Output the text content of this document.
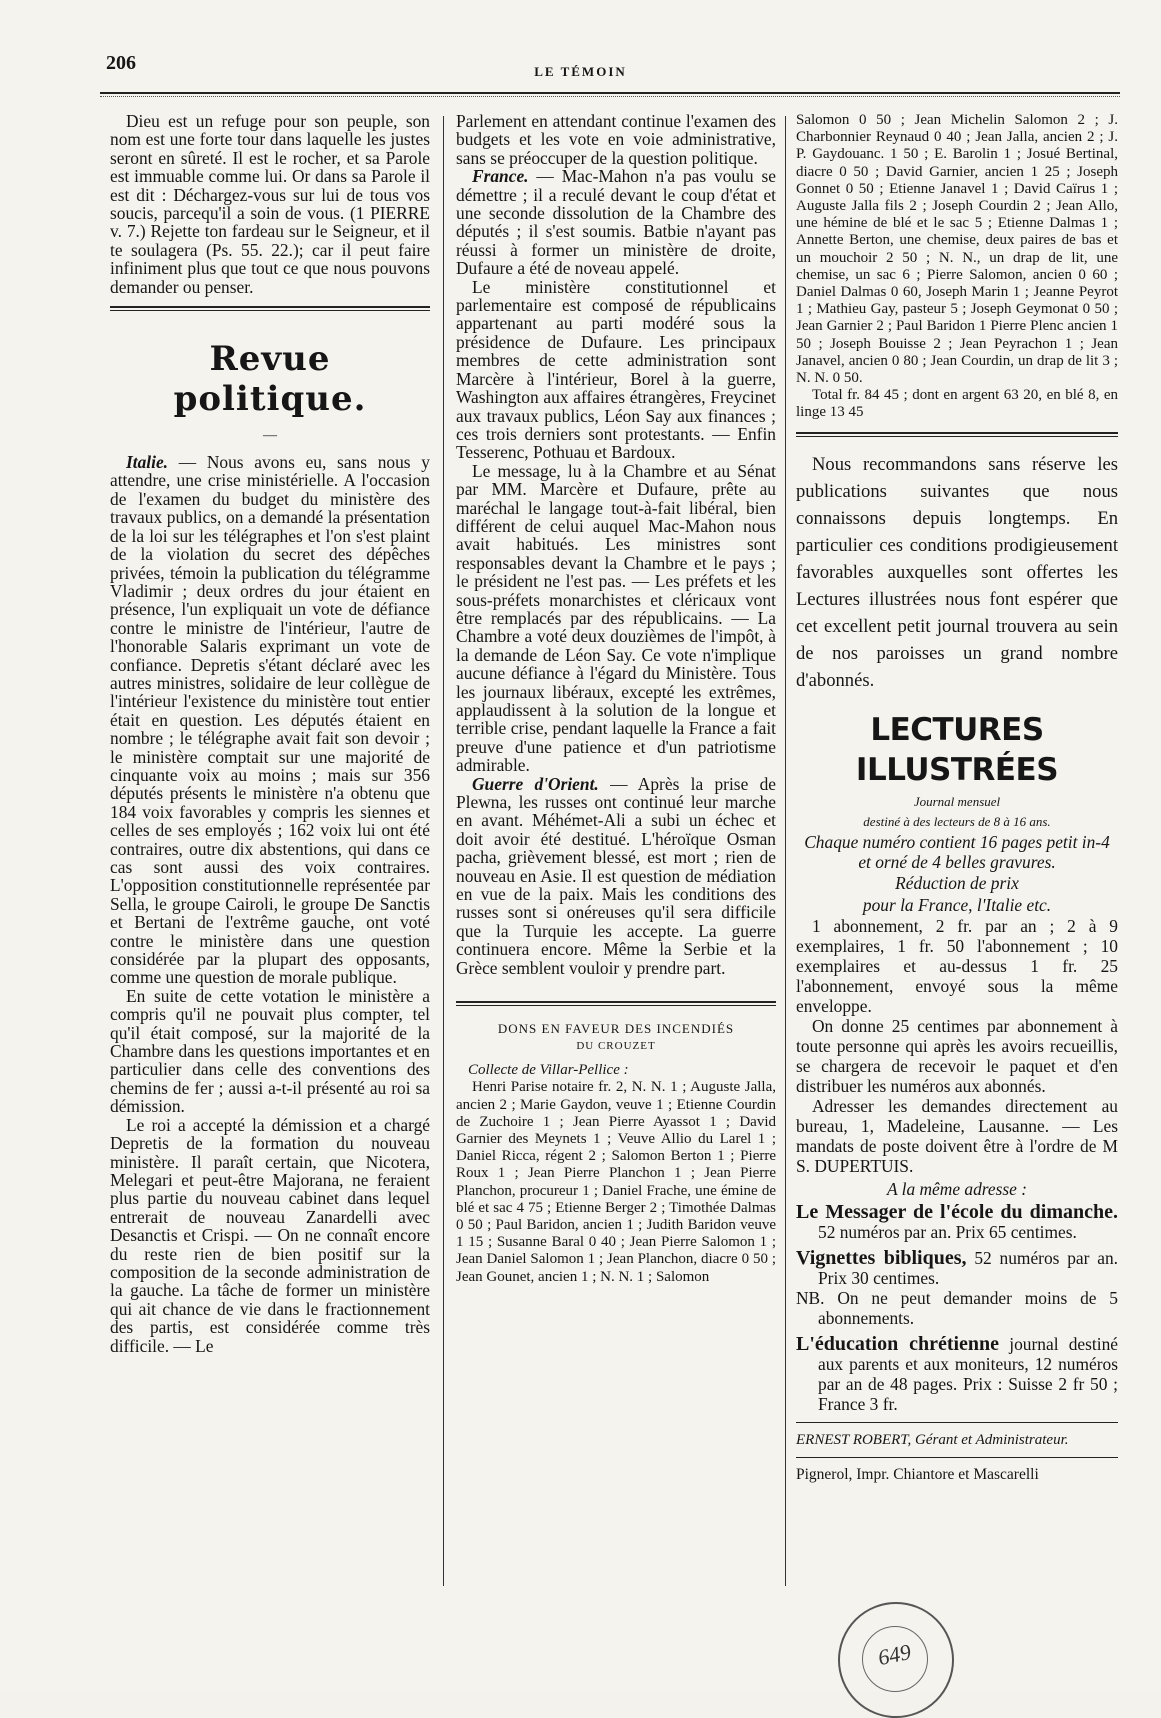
206	LE TÉMOIN

Dieu est un refuge pour son peuple, son nom est une forte tour dans laquelle les justes seront en sûreté. Il est le rocher, et sa Parole est immuable comme lui. Or dans sa Parole il est dit : Déchargez-vous sur lui de tous vos soucis, parcequ'il a soin de vous. (1 PIERRE v. 7.) Rejette ton fardeau sur le Seigneur, et il te soulagera (Ps. 55. 22.); car il peut faire infiniment plus que tout ce que nous pouvons demander ou penser.

Revue politique.
—

Italie. — Nous avons eu, sans nous y attendre, une crise ministérielle. A l'occasion de l'examen du budget du ministère des travaux publics, on a demandé la présentation de la loi sur les télégraphes et l'on s'est plaint de la violation du secret des dépêches privées, témoin la publication du télégramme Vladimir ; deux ordres du jour étaient en présence, l'un expliquait un vote de défiance contre le ministre de l'intérieur, l'autre de l'honorable Salaris exprimant un vote de confiance. Depretis s'étant déclaré avec les autres ministres, solidaire de leur collègue de l'intérieur l'existence du ministère tout entier était en question. Les députés étaient en nombre ; le télégraphe avait fait son devoir ; le ministère comptait sur une majorité de cinquante voix au moins ; mais sur 356 députés présents le ministère n'a obtenu que 184 voix favorables y compris les siennes et celles de ses employés ; 162 voix lui ont été contraires, outre dix abstentions, qui dans ce cas sont aussi des voix contraires. L'opposition constitutionnelle représentée par Sella, le groupe Cairoli, le groupe De Sanctis et Bertani de l'extrême gauche, ont voté contre le ministère dans une question considérée par la plupart des opposants, comme une question de morale publique.

En suite de cette votation le ministère a compris qu'il ne pouvait plus compter, tel qu'il était composé, sur la majorité de la Chambre dans les questions importantes et en particulier dans celle des conventions des chemins de fer ; aussi a-t-il présenté au roi sa démission.

Le roi a accepté la démission et a chargé Depretis de la formation du nouveau ministère. Il paraît certain, que Nicotera, Melegari et peut-être Majorana, ne feraient plus partie du nouveau cabinet dans lequel entrerait de nouveau Zanardelli avec Desanctis et Crispi. — On ne connaît encore du reste rien de bien positif sur la composition de la seconde administration de la gauche. La tâche de former un ministère qui ait chance de vie dans le fractionnement des partis, est considérée comme très difficile. — Le

Parlement en attendant continue l'examen des budgets et les vote en voie administrative, sans se préoccuper de la question politique.

France. — Mac-Mahon n'a pas voulu se démettre ; il a reculé devant le coup d'état et une seconde dissolution de la Chambre des députés ; il s'est soumis. Batbie n'ayant pas réussi à former un ministère de droite, Dufaure a été de noveau appelé.

Le ministère constitutionnel et parlementaire est composé de républicains appartenant au parti modéré sous la présidence de Dufaure. Les principaux membres de cette administration sont Marcère à l'intérieur, Borel à la guerre, Washington aux affaires étrangères, Freycinet aux travaux publics, Léon Say aux finances ; ces trois derniers sont protestants. — Enfin Tesserenc, Pothuau et Bardoux.

Le message, lu à la Chambre et au Sénat par MM. Marcère et Dufaure, prête au maréchal le langage tout-à-fait libéral, bien différent de celui auquel Mac-Mahon nous avait habitués. Les ministres sont responsables devant la Chambre et le pays ; le président ne l'est pas. — Les préfets et les sous-préfets monarchistes et cléricaux vont être remplacés par des républicains. — La Chambre a voté deux douzièmes de l'impôt, à la demande de Léon Say. Ce vote n'implique aucune défiance à l'égard du Ministère. Tous les journaux libéraux, excepté les extrêmes, applaudissent à la solution de la longue et terrible crise, pendant laquelle la France a fait preuve d'une patience et d'un patriotisme admirable.

Guerre d'Orient. — Après la prise de Plewna, les russes ont continué leur marche en avant. Méhémet-Ali a subi un échec et doit avoir été destitué. L'héroïque Osman pacha, grièvement blessé, est mort ; rien de nouveau en Asie. Il est question de médiation en vue de la paix. Mais les conditions des russes sont si onéreuses qu'il sera difficile que la Turquie les accepte. La guerre continuera encore. Même la Serbie et la Grèce semblent vouloir y prendre part.

DONS EN FAVEUR DES INCENDIÉS
DU CROUZET

Collecte de Villar-Pellice :

Henri Parise notaire fr. 2, N. N. 1 ; Auguste Jalla, ancien 2 ; Marie Gaydon, veuve 1 ; Etienne Courdin de Zuchoire 1 ; Jean Pierre Ayassot 1 ; David Garnier des Meynets 1 ; Veuve Allio du Larel 1 ; Daniel Ricca, régent 2 ; Salomon Berton 1 ; Pierre Roux 1 ; Jean Pierre Planchon 1 ; Jean Pierre Planchon, procureur 1 ; Daniel Frache, une émine de blé et sac 4 75 ; Etienne Berger 2 ; Timothée Dalmas 0 50 ; Paul Baridon, ancien 1 ; Judith Baridon veuve 1 15 ; Susanne Baral 0 40 ; Jean Pierre Salomon 1 ; Jean Daniel Salomon 1 ; Jean Planchon, diacre 0 50 ; Jean Gounet, ancien 1 ; N. N. 1 ; Salomon

Salomon 0 50 ; Jean Michelin Salomon 2 ; J. Charbonnier Reynaud 0 40 ; Jean Jalla, ancien 2 ; J. P. Gaydouanc. 1 50 ; E. Barolin 1 ; Josué Bertinal, diacre 0 50 ; David Garnier, ancien 1 25 ; Joseph Gonnet 0 50 ; Etienne Janavel 1 ; David Caïrus 1 ; Auguste Jalla fils 2 ; Joseph Courdin 2 ; Jean Allo, une hémine de blé et le sac 5 ; Etienne Dalmas 1 ; Annette Berton, une chemise, deux paires de bas et un mouchoir 2 50 ; N. N., un drap de lit, une chemise, un sac 6 ; Pierre Salomon, ancien 0 60 ; Daniel Dalmas 0 60, Joseph Marin 1 ; Jeanne Peyrot 1 ; Mathieu Gay, pasteur 5 ; Joseph Geymonat 0 50 ; Jean Garnier 2 ; Paul Baridon 1 Pierre Plenc ancien 1 50 ; Joseph Bouisse 2 ; Jean Peyrachon 1 ; Jean Janavel, ancien 0 80 ; Jean Courdin, un drap de lit 3 ; N. N. 0 50.

Total fr. 84 45 ; dont en argent 63 20, en blé 8, en linge 13 45

Nous recommandons sans réserve les publications suivantes que nous connaissons depuis longtemps. En particulier ces conditions prodigieusement favorables auxquelles sont offertes les Lectures illustrées nous font espérer que cet excellent petit journal trouvera au sein de nos paroisses un grand nombre d'abonnés.

LECTURES ILLUSTRÉES

Journal mensuel

destiné à des lecteurs de 8 à 16 ans.

Chaque numéro contient 16 pages petit in-4 et orné de 4 belles gravures.

Réduction de prix

pour la France, l'Italie etc.

1 abonnement, 2 fr. par an ; 2 à 9 exemplaires, 1 fr. 50 l'abonnement ; 10 exemplaires et au-dessus 1 fr. 25 l'abonnement, envoyé sous la même enveloppe.

On donne 25 centimes par abonnement à toute personne qui après les avoirs recueillis, se chargera de recevoir le paquet et d'en distribuer les numéros aux abonnés.

Adresser les demandes directement au bureau, 1, Madeleine, Lausanne. — Les mandats de poste doivent être à l'ordre de M S. DUPERTUIS.

A la même adresse :

Le Messager de l'école du dimanche. 52 numéros par an. Prix 65 centimes.

Vignettes bibliques, 52 numéros par an. Prix 30 centimes.

NB. On ne peut demander moins de 5 abonnements.

L'éducation chrétienne journal destiné aux parents et aux moniteurs, 12 numéros par an de 48 pages. Prix : Suisse 2 fr 50 ; France 3 fr.

ERNEST ROBERT, Gérant et Administrateur.

Pignerol, Impr. Chiantore et Mascarelli

649
